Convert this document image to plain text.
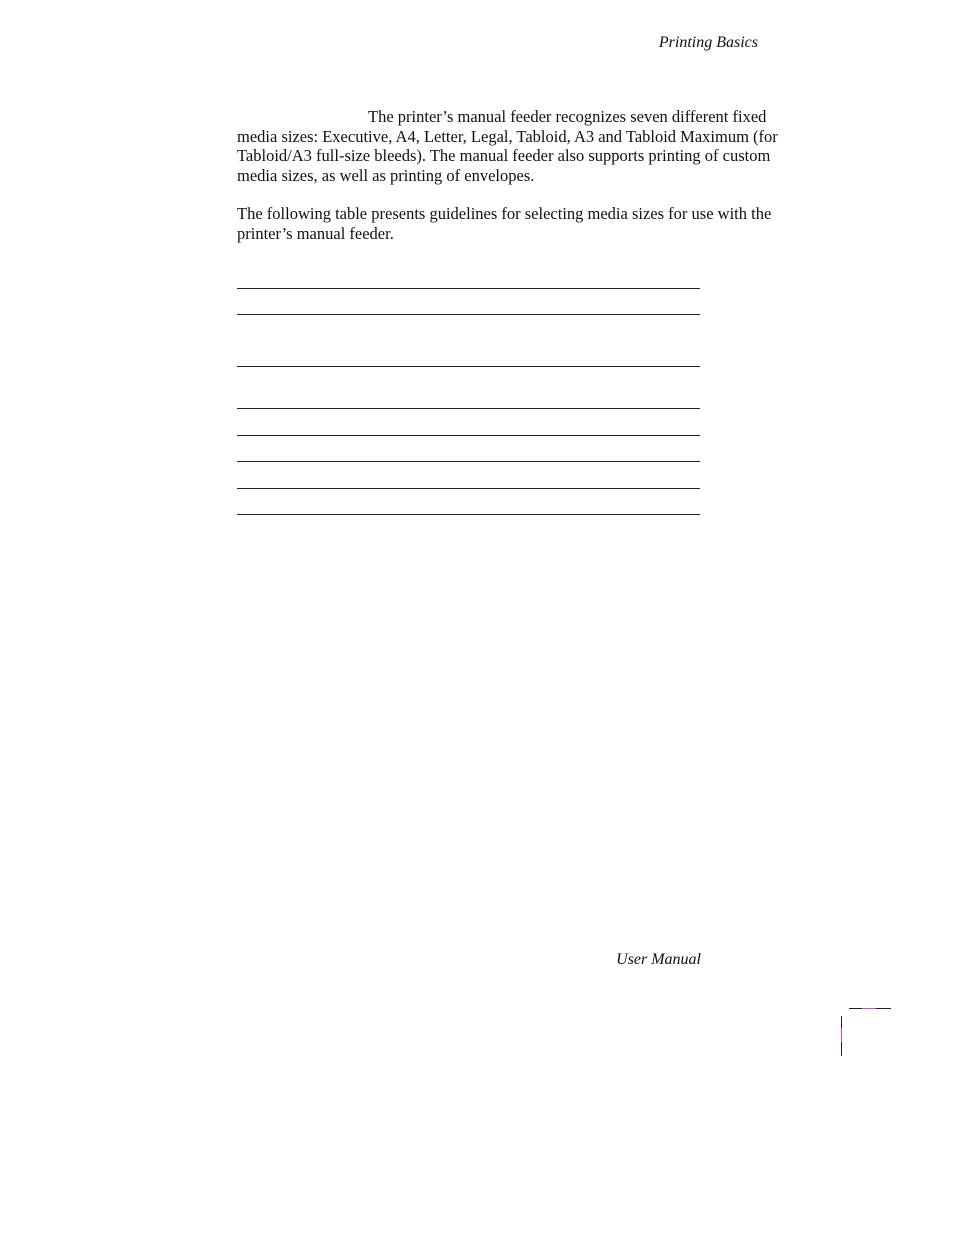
Printing Basics

The printer’s manual feeder recognizes seven different fixed media sizes: Executive, A4, Letter, Legal, Tabloid, A3 and Tabloid Maximum (for Tabloid/A3 full-size bleeds). The manual feeder also supports printing of custom media sizes, as well as printing of envelopes.

The following table presents guidelines for selecting media sizes for use with the printer’s manual feeder.

User Manual
